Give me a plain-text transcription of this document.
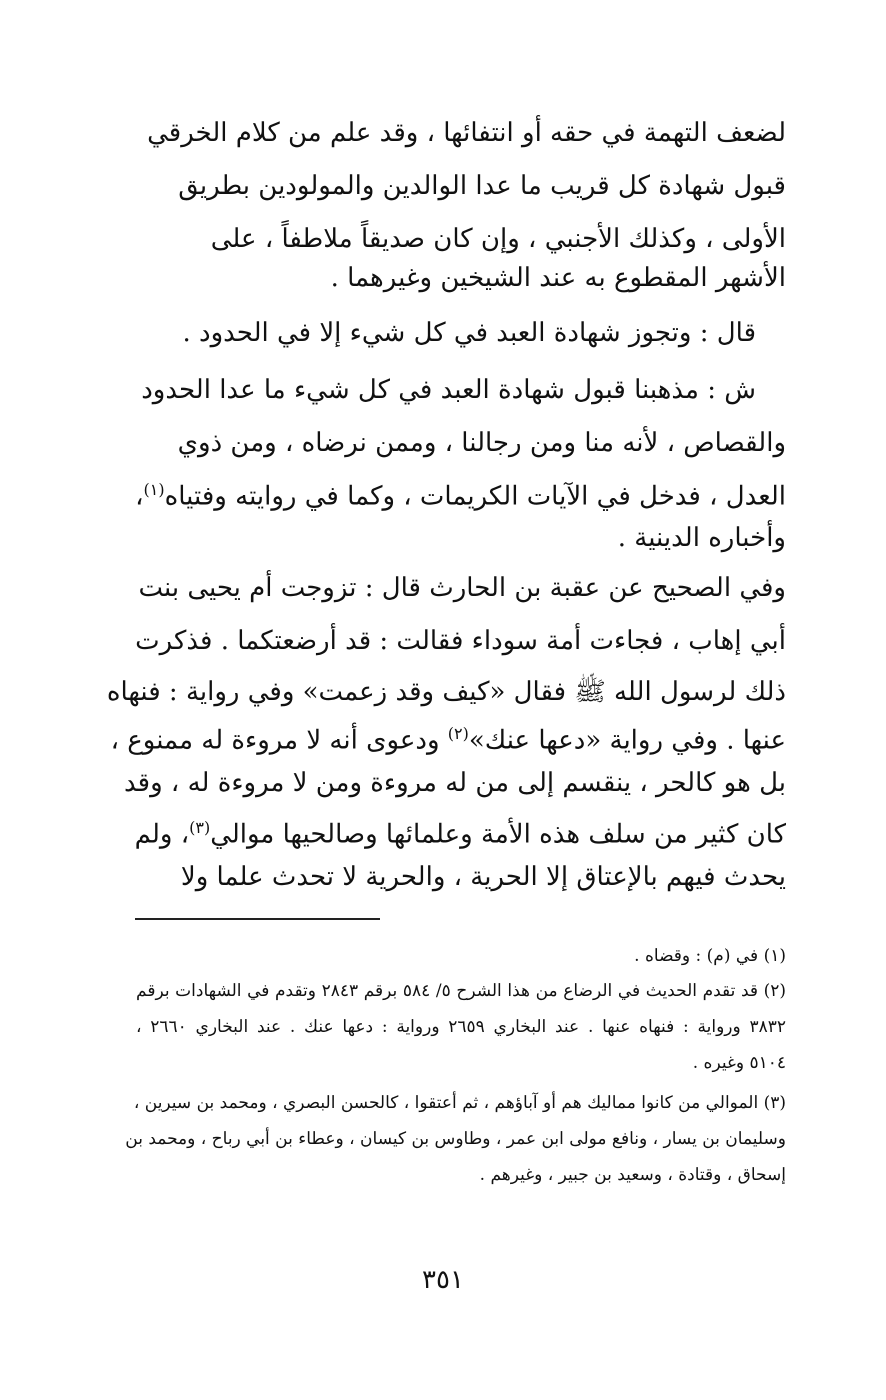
لضعف التهمة في حقه أو انتفائها ، وقد علم من كلام الخرقي
قبول شهادة كل قريب ما عدا الوالدين والمولودين بطريق
الأولى ، وكذلك الأجنبي ، وإن كان صديقاً ملاطفاً ، على
الأشهر المقطوع به عند الشيخين وغيرهما .
قال : وتجوز شهادة العبد في كل شيء إلا في الحدود .
ش : مذهبنا قبول شهادة العبد في كل شيء ما عدا الحدود
والقصاص ، لأنه منا ومن رجالنا ، وممن نرضاه ، ومن ذوي
العدل ، فدخل في الآيات الكريمات ، وكما في روايته وفتياه$^{(١)}$،
وأخباره الدينية .
وفي الصحيح عن عقبة بن الحارث قال : تزوجت أم يحيى بنت
أبي إهاب ، فجاءت أمة سوداء فقالت : قد أرضعتكما . فذكرت
ذلك لرسول الله ﷺ فقال «كيف وقد زعمت» وفي رواية : فنهاه
عنها . وفي رواية «دعها عنك»$^{(٢)}$ ودعوى أنه لا مروءة له ممنوع ،
بل هو كالحر ، ينقسم إلى من له مروءة ومن لا مروءة له ، وقد
كان كثير من سلف هذه الأمة وعلمائها وصالحيها موالي$^{(٣)}$، ولم
يحدث فيهم بالإعتاق إلا الحرية ، والحرية لا تحدث علما ولا
(١) في (م) : وقضاه .
(٢) قد تقدم الحديث في الرضاع من هذا الشرح ٥/ ٥٨٤ برقم ٢٨٤٣ وتقدم في الشهادات برقم
٣٨٣٢ ورواية : فنهاه عنها . عند البخاري ٢٦٥٩ ورواية : دعها عنك . عند البخاري ٢٦٦٠ ،
٥١٠٤ وغيره .
(٣) الموالي من كانوا مماليك هم أو آباؤهم ، ثم أعتقوا ، كالحسن البصري ، ومحمد بن سيرين ،
وسليمان بن يسار ، ونافع مولى ابن عمر ، وطاوس بن كيسان ، وعطاء بن أبي رباح ، ومحمد بن
إسحاق ، وقتادة ، وسعيد بن جبير ، وغيرهم .
٣٥١
